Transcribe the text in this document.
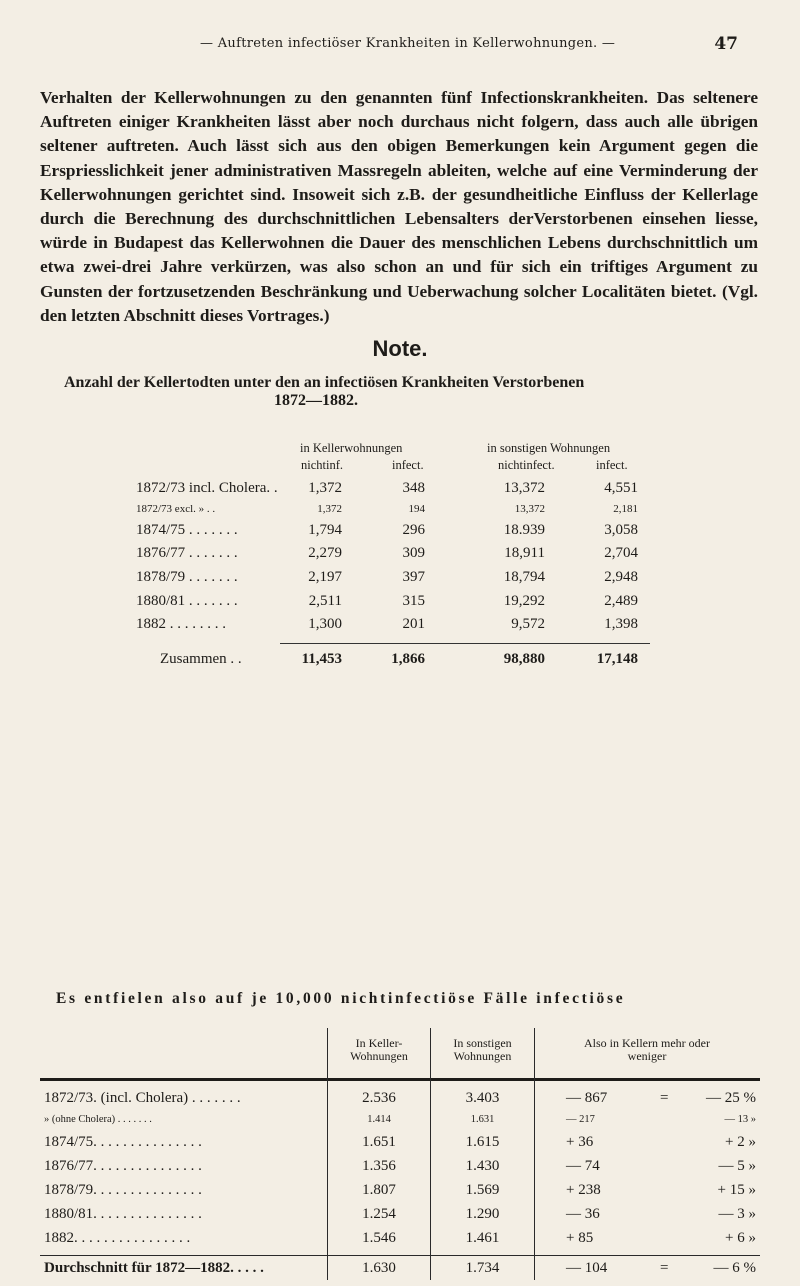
— Auftreten infectiöser Krankheiten in Kellerwohnungen. —	47
Verhalten der Kellerwohnungen zu den genannten fünf Infectionskrankheiten. Das seltenere Auftreten einiger Krankheiten lässt aber noch durchaus nicht folgern, dass auch alle übrigen seltener auftreten. Auch lässt sich aus den obigen Bemerkungen kein Argument gegen die Erspriesslichkeit jener administrativen Massregeln ableiten, welche auf eine Verminderung der Kellerwohnungen gerichtet sind. Insoweit sich z.B. der gesundheitliche Einfluss der Kellerlage durch die Berechnung des durchschnittlichen Lebensalters derVerstorbenen einsehen liesse, würde in Budapest das Kellerwohnen die Dauer des menschlichen Lebens durchschnittlich um etwa zwei-drei Jahre verkürzen, was also schon an und für sich ein triftiges Argument zu Gunsten der fortzusetzenden Beschränkung und Ueberwachung solcher Localitäten bietet. (Vgl. den letzten Abschnitt dieses Vortrages.)
Note.
Anzahl der Kellertodten unter den an infectiösen Krankheiten Verstorbenen
1872—1882.
in Kellerwohnungen	in sonstigen Wohnungen
nichtinf.	infect.	nichtinfect.	infect.
1872/73 incl. Cholera. .	1,372	348	13,372	4,551
1872/73 excl. » . .	1,372	194	13,372	2,181
1874/75 . . . . . . .	1,794	296	18.939	3,058
1876/77 . . . . . . .	2,279	309	18,911	2,704
1878/79 . . . . . . .	2,197	397	18,794	2,948
1880/81 . . . . . . .	2,511	315	19,292	2,489
1882 . . . . . . . .	1,300	201	9,572	1,398
Zusammen . .	11,453	1,866	98,880	17,148
Es entfielen also auf je 10,000 nichtinfectiöse Fälle infectiöse
In Keller-
Wohnungen
In sonstigen
Wohnungen
Also in Kellern mehr oder
weniger
1872/73. (incl. Cholera) . . . . . . .	2.536	3.403	— 867	=	— 25 %
» (ohne Cholera) . . . . . . .	1.414	1.631	— 217	— 13 »
1874/75. . . . . . . . . . . . . . .	1.651	1.615	+ 36	+ 2 »
1876/77. . . . . . . . . . . . . . .	1.356	1.430	— 74	— 5 »
1878/79. . . . . . . . . . . . . . .	1.807	1.569	+ 238	+ 15 »
1880/81. . . . . . . . . . . . . . .	1.254	1.290	— 36	— 3 »
1882. . . . . . . . . . . . . . . .	1.546	1.461	+ 85	+ 6 »
Durchschnitt für 1872—1882. . . . .	1.630	1.734	— 104	=	— 6 %
